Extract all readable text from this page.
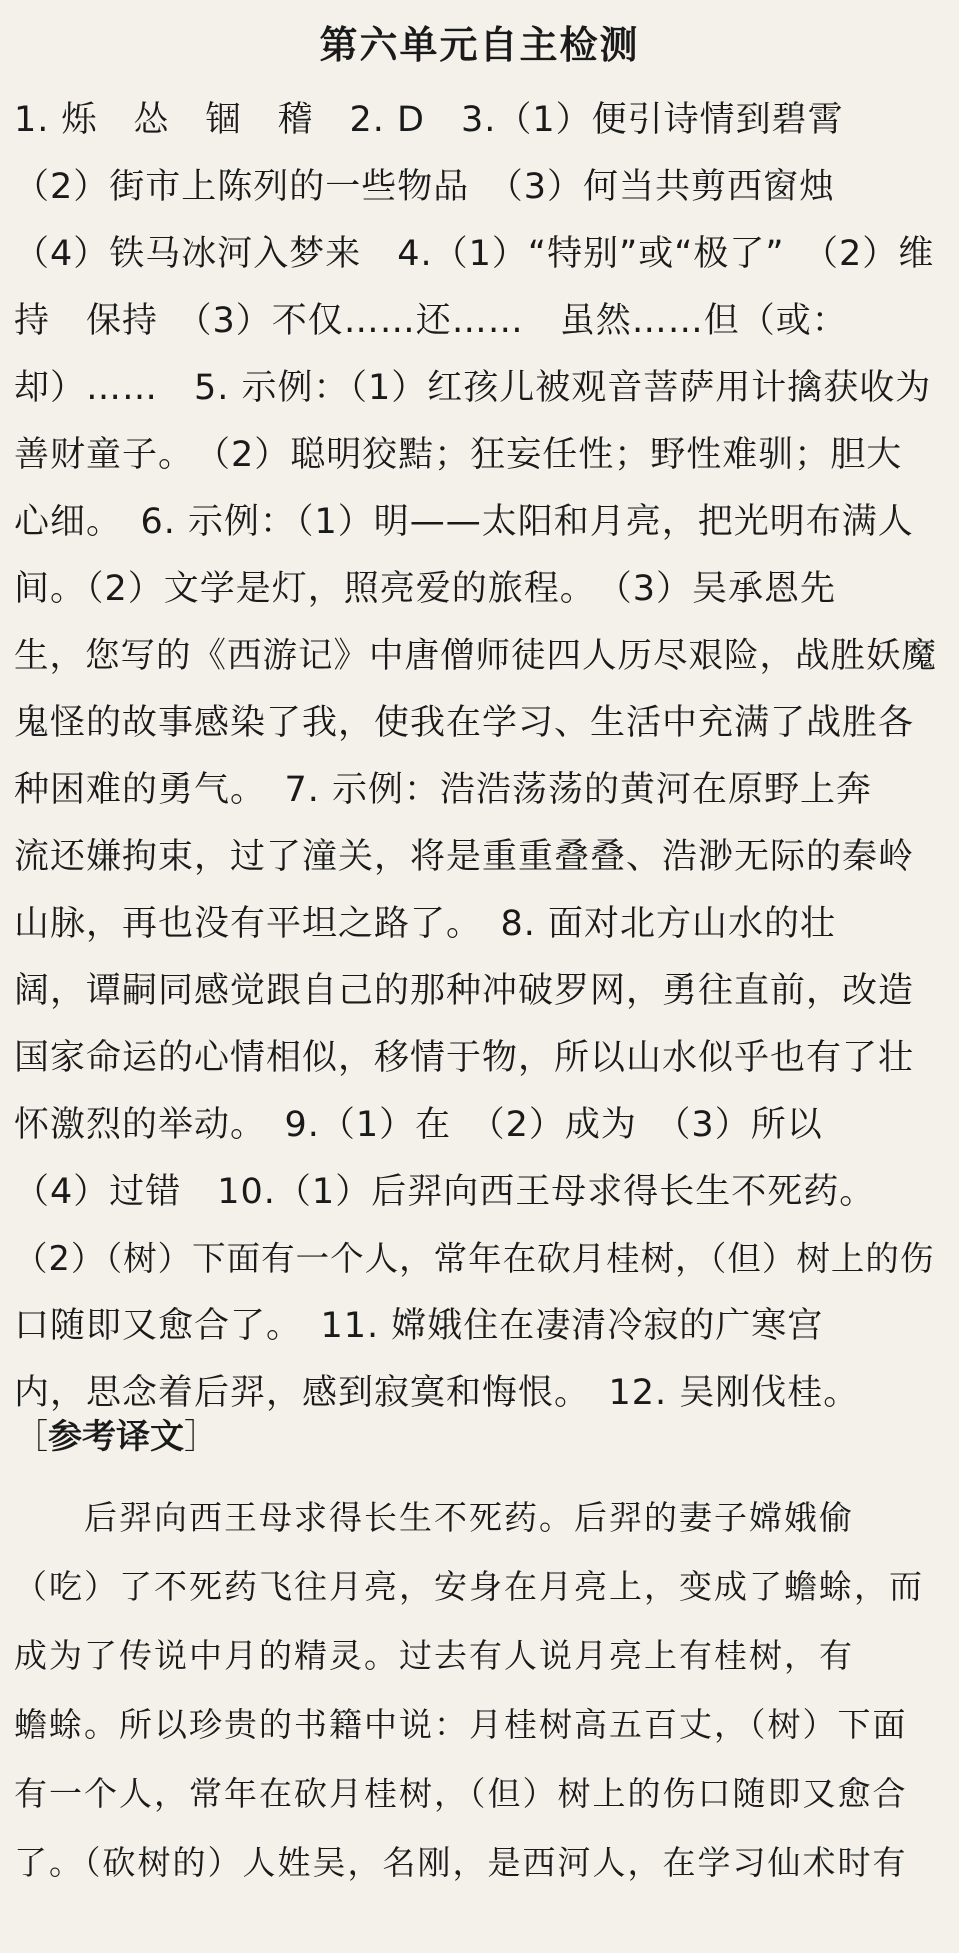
第六单元自主检测
1. 烁　怂　锢　稽　2. D　3.（1）便引诗情到碧霄
（2）街市上陈列的一些物品　（3）何当共剪西窗烛
（4）铁马冰河入梦来　4.（1）“特别”或“极了”　（2）维
持　保持　（3）不仅……还……　虽然……但（或：
却）……　5. 示例：（1）红孩儿被观音菩萨用计擒获收为
善财童子。　（2）聪明狡黠；狂妄任性；野性难驯；胆大
心细。　6. 示例：（1）明——太阳和月亮，把光明布满人
间。（2）文学是灯，照亮爱的旅程。　（3）吴承恩先
生，您写的《西游记》中唐僧师徒四人历尽艰险，战胜妖魔
鬼怪的故事感染了我，使我在学习、生活中充满了战胜各
种困难的勇气。　7. 示例：浩浩荡荡的黄河在原野上奔
流还嫌拘束，过了潼关，将是重重叠叠、浩渺无际的秦岭
山脉，再也没有平坦之路了。　8. 面对北方山水的壮
阔，谭嗣同感觉跟自己的那种冲破罗网，勇往直前，改造
国家命运的心情相似，移情于物，所以山水似乎也有了壮
怀激烈的举动。　9.（1）在　（2）成为　（3）所以
（4）过错　10.（1）后羿向西王母求得长生不死药。
（2）（树）下面有一个人，常年在砍月桂树，（但）树上的伤
口随即又愈合了。　11. 嫦娥住在凄清冷寂的广寒宫
内，思念着后羿，感到寂寞和悔恨。　12. 吴刚伐桂。
［参考译文］
　　后羿向西王母求得长生不死药。后羿的妻子嫦娥偷
（吃）了不死药飞往月亮，安身在月亮上，变成了蟾蜍，而
成为了传说中月的精灵。过去有人说月亮上有桂树，有
蟾蜍。所以珍贵的书籍中说：月桂树高五百丈，（树）下面
有一个人，常年在砍月桂树，（但）树上的伤口随即又愈合
了。（砍树的）人姓吴，名刚，是西河人，在学习仙术时有
